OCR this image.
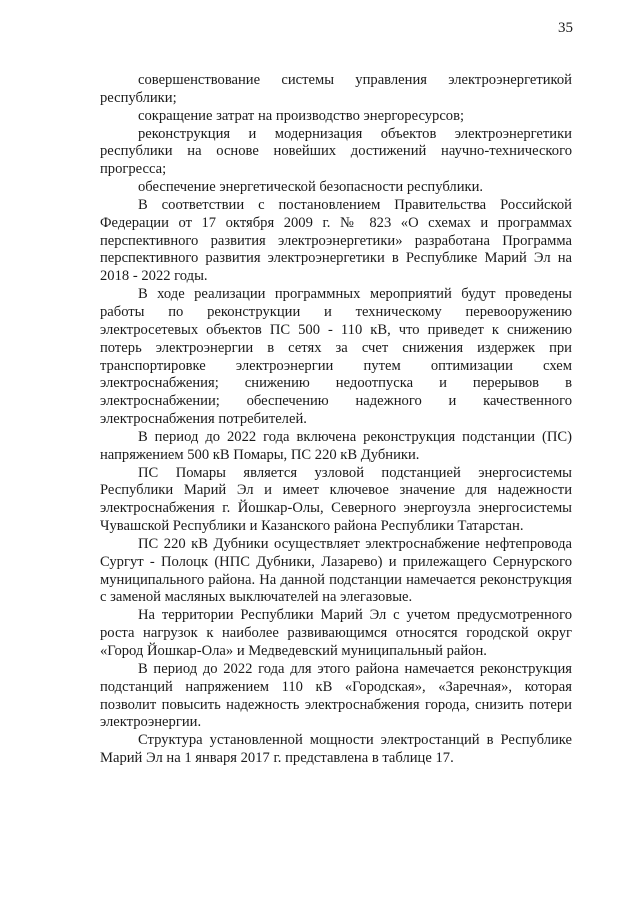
35

совершенствование системы управления электроэнергетикой республики;

сокращение затрат на производство энергоресурсов;

реконструкция и модернизация объектов электроэнергетики республики на основе новейших достижений научно-технического прогресса;

обеспечение энергетической безопасности республики.

В соответствии с постановлением Правительства Российской Федерации от 17 октября 2009 г. № 823 «О схемах и программах перспективного развития электроэнергетики» разработана Программа перспективного развития электроэнергетики в Республике Марий Эл на 2018 - 2022 годы.

В ходе реализации программных мероприятий будут проведены работы по реконструкции и техническому перевооружению электросетевых объектов ПС 500 - 110 кВ, что приведет к снижению потерь электроэнергии в сетях за счет снижения издержек при транспортировке электроэнергии путем оптимизации схем электроснабжения; снижению недоотпуска и перерывов в электроснабжении; обеспечению надежного и качественного электроснабжения потребителей.

В период до 2022 года включена реконструкция подстанции (ПС) напряжением 500 кВ Помары, ПС 220 кВ Дубники.

ПС Помары является узловой подстанцией энергосистемы Республики Марий Эл и имеет ключевое значение для надежности электроснабжения г. Йошкар-Олы, Северного энергоузла энергосистемы Чувашской Республики и Казанского района Республики Татарстан.

ПС 220 кВ Дубники осуществляет электроснабжение нефтепровода Сургут - Полоцк (НПС Дубники, Лазарево) и прилежащего Сернурского муниципального района. На данной подстанции намечается реконструкция с заменой масляных выключателей на элегазовые.

На территории Республики Марий Эл с учетом предусмотренного роста нагрузок к наиболее развивающимся относятся городской округ «Город Йошкар-Ола» и Медведевский муниципальный район.

В период до 2022 года для этого района намечается реконструкция подстанций напряжением 110 кВ «Городская», «Заречная», которая позволит повысить надежность электроснабжения города, снизить потери электроэнергии.

Структура установленной мощности электростанций в Республике Марий Эл на 1 января 2017 г. представлена в таблице 17.
